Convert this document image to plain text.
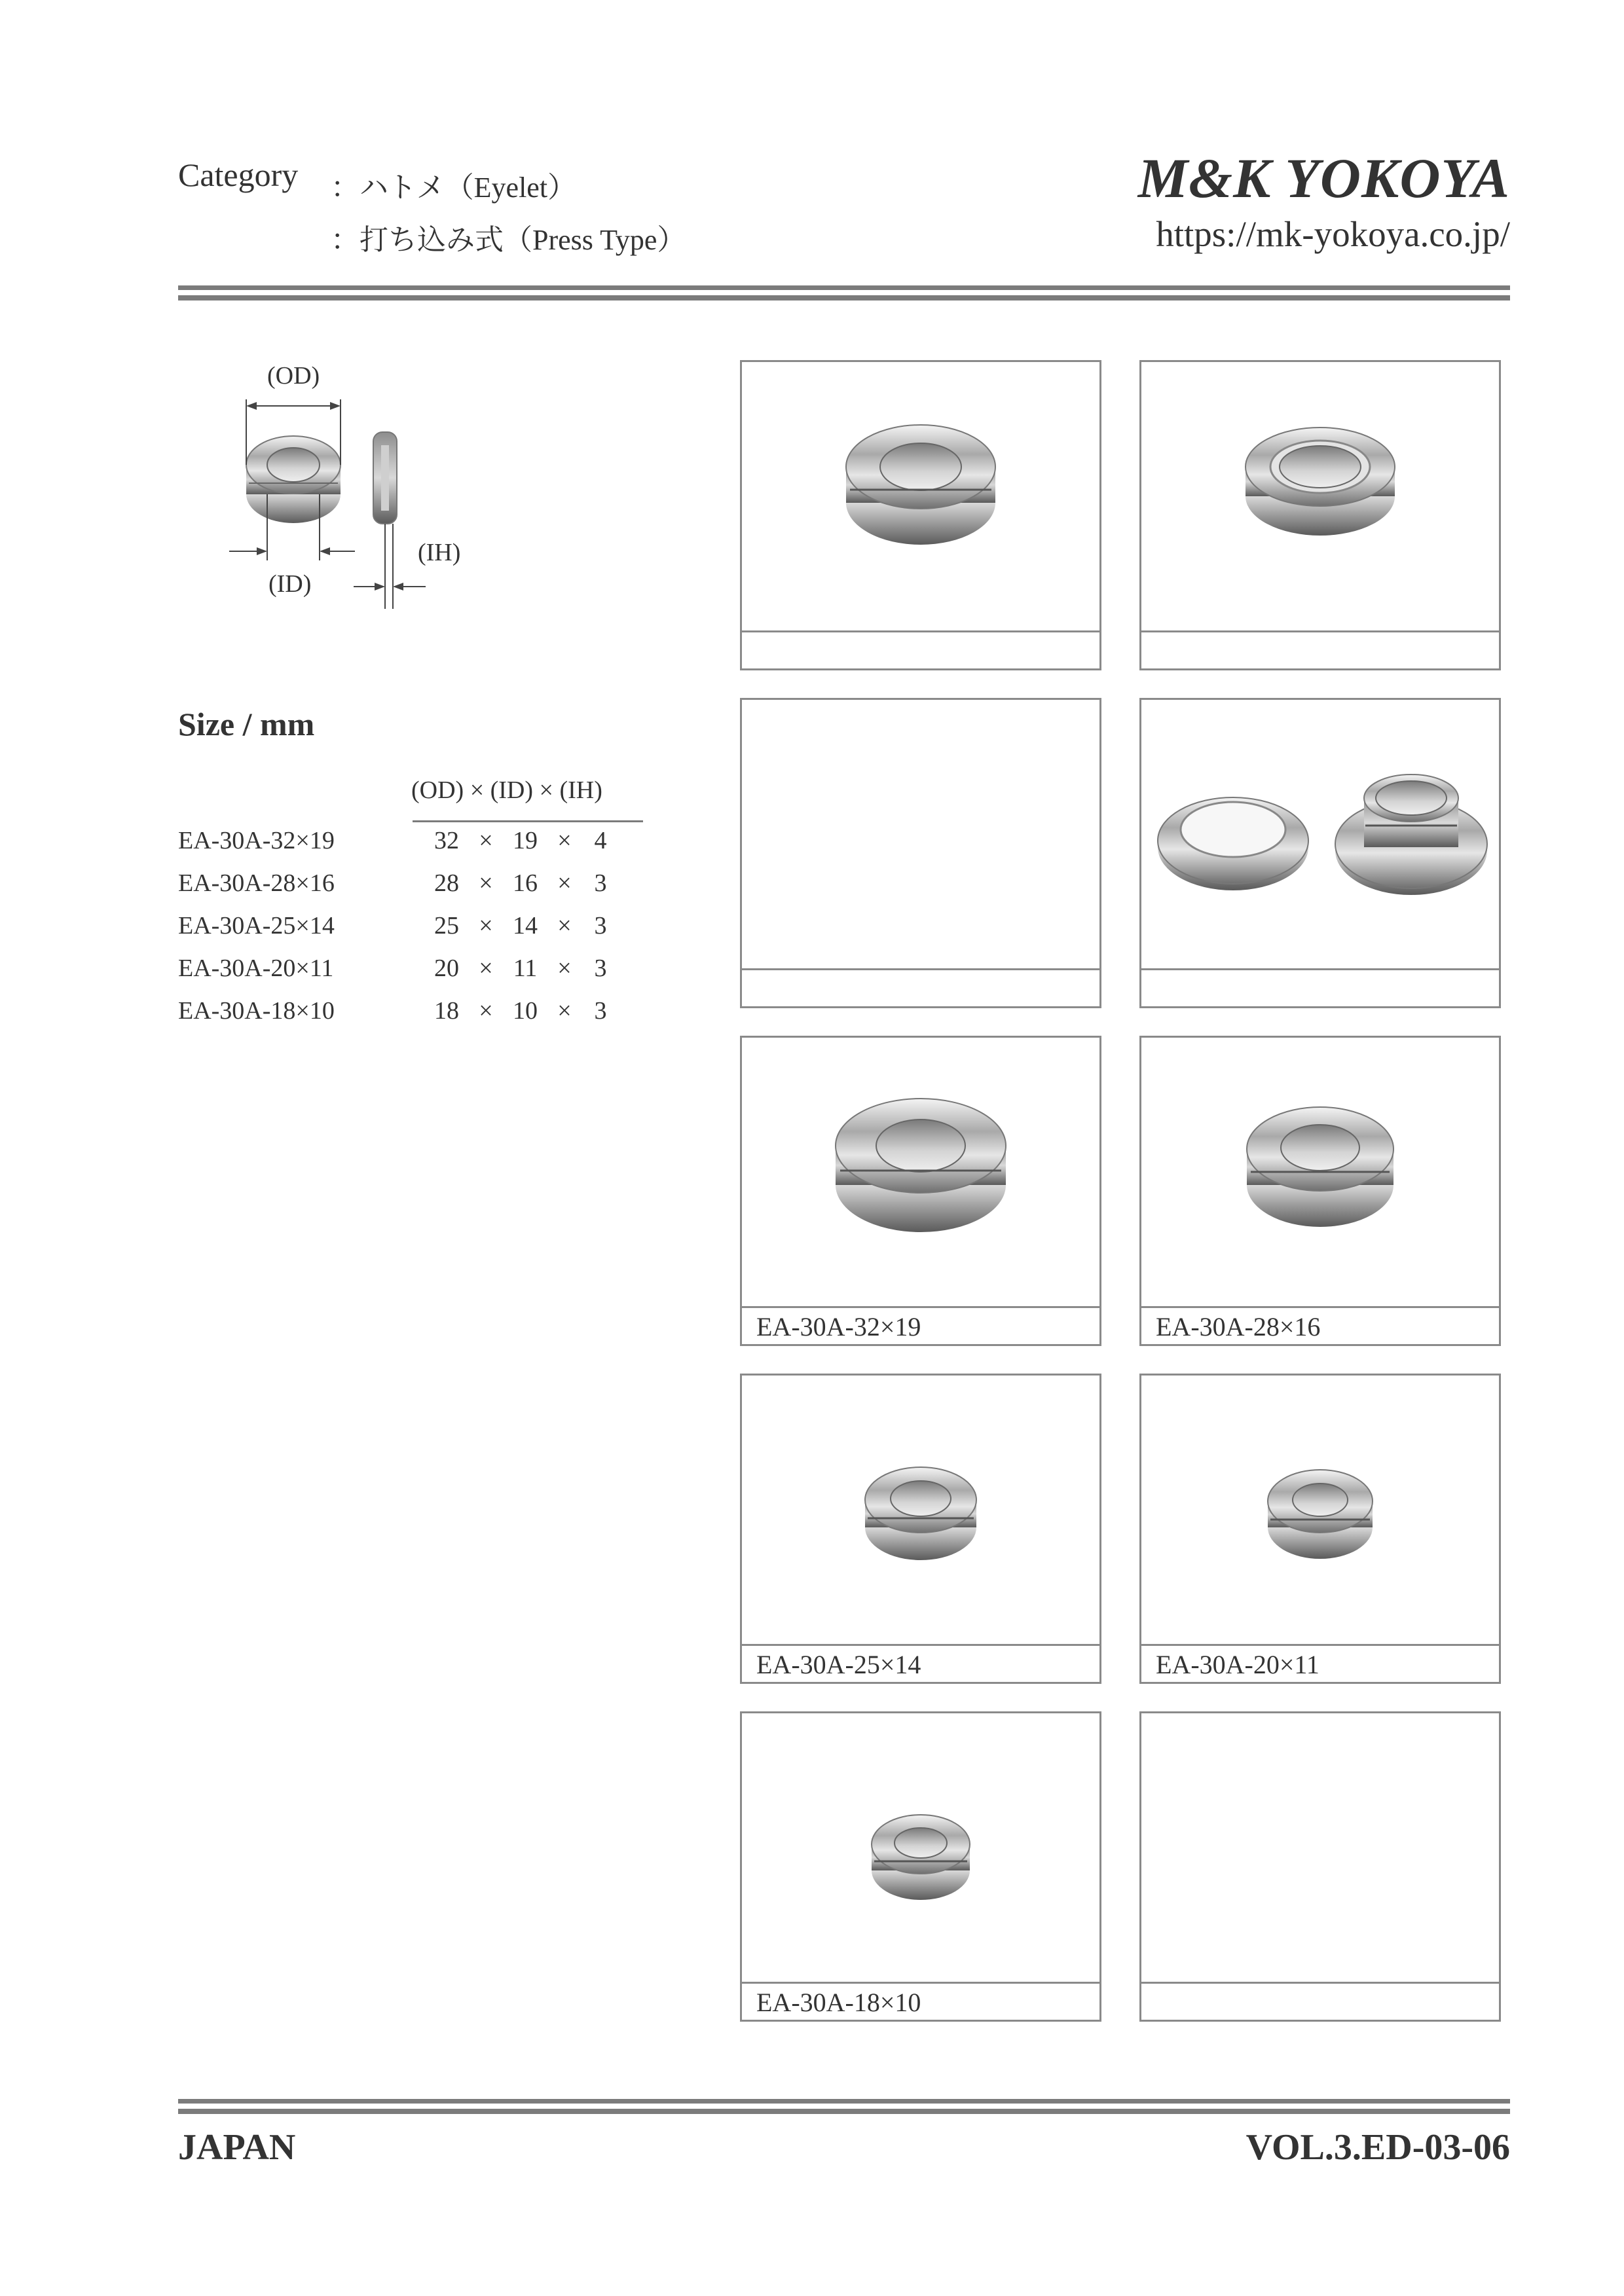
Category ：ハトメ（Eyelet）
：打ち込み式（Press Type）
M&K YOKOYA
https://mk-yokoya.co.jp/
(OD)
(ID)
(IH)
Size / mm
(OD) × (ID) × (IH)
EA-30A-32×19	32 × 19 × 4
EA-30A-28×16	28 × 16 × 3
EA-30A-25×14	25 × 14 × 3
EA-30A-20×11	20 × 11 × 3
EA-30A-18×10	18 × 10 × 3
EA-30A-32×19	EA-30A-28×16
EA-30A-25×14	EA-30A-20×11
EA-30A-18×10
JAPAN	VOL.3.ED-03-06
